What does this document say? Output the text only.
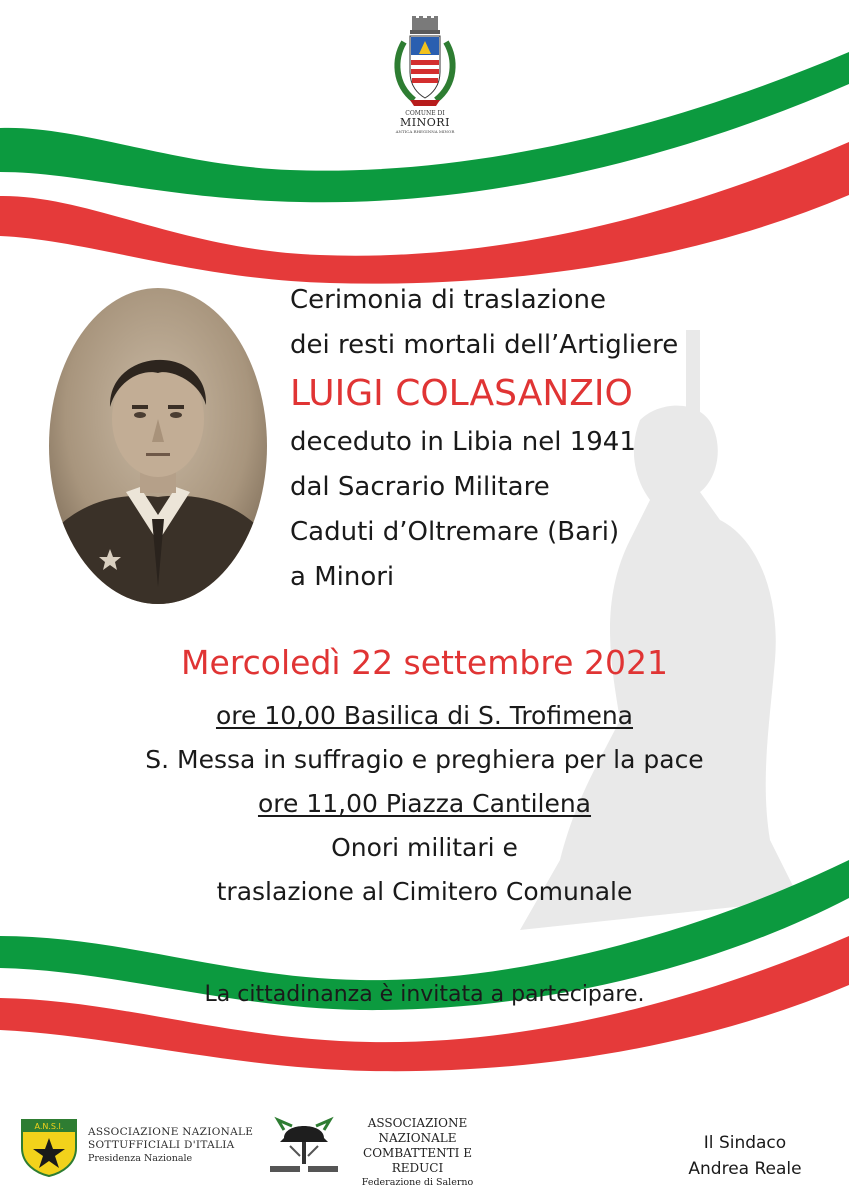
COMUNE DI
MINORI
ANTICA RHEGINNA MINOR
Cerimonia di traslazione
dei resti mortali dell’Artigliere
LUIGI COLASANZIO
deceduto in Libia nel 1941
dal Sacrario Militare
Caduti d’Oltremare (Bari)
a Minori
Mercoledì 22 settembre 2021
ore 10,00 Basilica di S. Trofimena
S. Messa in suffragio e preghiera per la pace
ore 11,00 Piazza Cantilena
Onori militari e
traslazione al Cimitero Comunale
La cittadinanza è invitata a partecipare.
A.N.S.I. ASSOCIAZIONE NAZIONALE
SOTTUFFICIALI D'ITALIA
Presidenza Nazionale
ASSOCIAZIONE NAZIONALE
COMBATTENTI E REDUCI
Federazione di Salerno
Il Sindaco
Andrea Reale
